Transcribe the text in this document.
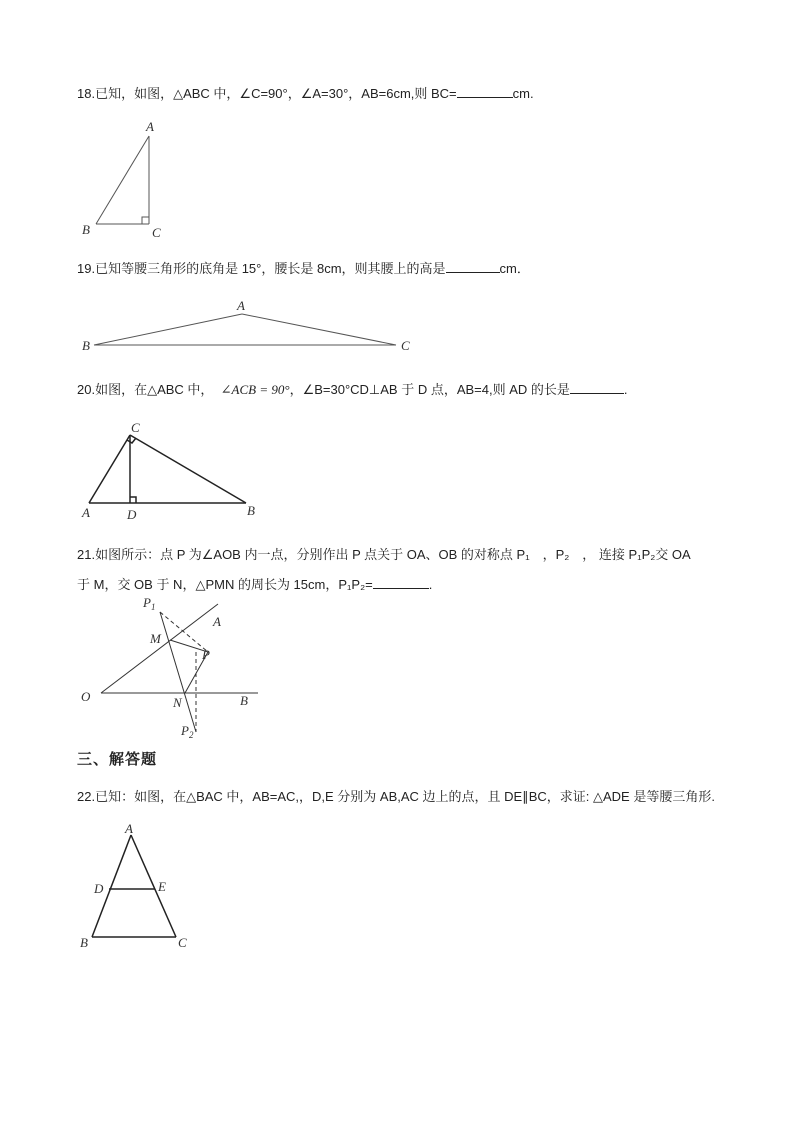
18.已知，如图，△ABC 中，∠C=90°，∠A=30°，AB=6cm,则 BC=	cm.
A
B	C
19.已知等腰三角形的底角是 15°，腰长是 8cm，则其腰上的高是	cm．
A
B	C
20.如图，在△ABC 中， ∠ACB = 90°，∠B=30°CD⊥AB 于 D 点，AB=4,则 AD 的长是	.
C
A	D	B
21.如图所示：点 P 为∠AOB 内一点，分别作出 P 点关于 OA、OB 的对称点 P₁　，P₂　， 连接 P₁P₂交 OA
于 M，交 OB 于 N，△PMN 的周长为 15cm，P₁P₂=	.
$P_1$
A
M
P
O	N	B
$P_2$
三、解答题
22.已知：如图，在△BAC 中，AB=AC,，D,E 分别为 AB,AC 边上的点，且 DE∥BC，求证: △ADE 是等腰三角形.
A
D	E
B	C
